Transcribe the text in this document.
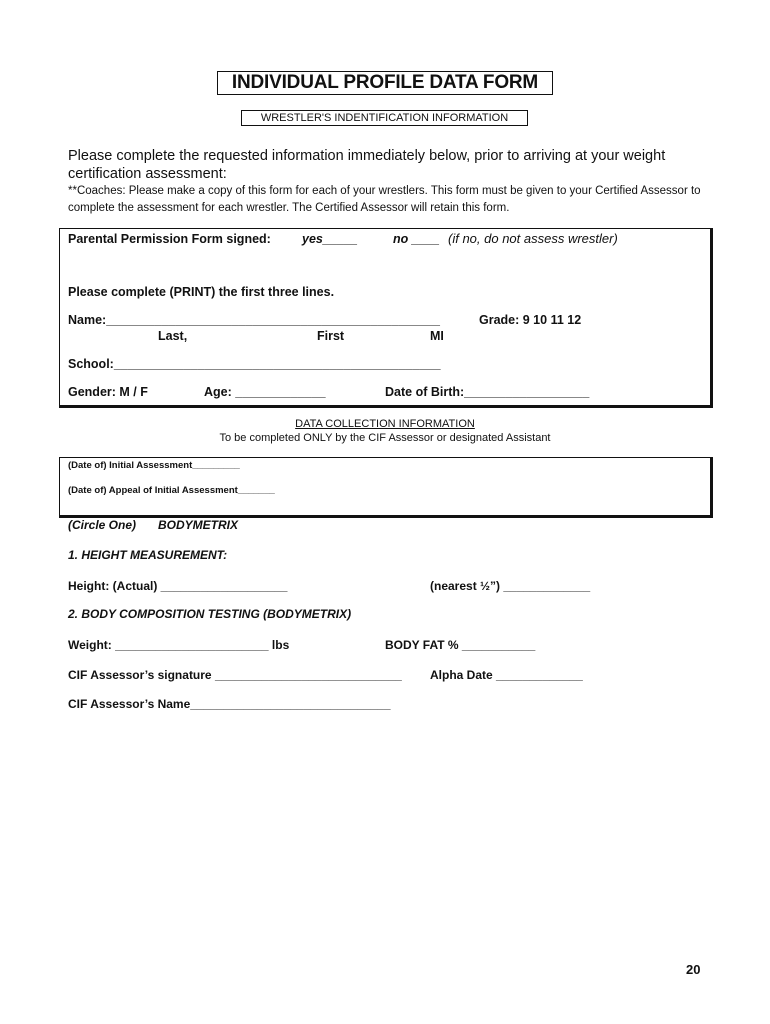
INDIVIDUAL PROFILE DATA FORM
WRESTLER'S INDENTIFICATION INFORMATION
Please complete the requested information immediately below, prior to arriving at your weight certification assessment:
**Coaches: Please make a copy of this form for each of your wrestlers. This form must be given to your Certified Assessor to complete the assessment for each wrestler. The Certified Assessor will retain this form.
Parental Permission Form signed: yes_____	no ____ (if no, do not assess wrestler)
Please complete (PRINT) the first three lines.
Name:________________________________________________	Grade: 9 10 11 12
Last,	First	MI
School:_______________________________________________
Gender: M / F	Age: _____________	Date of Birth:__________________
DATA COLLECTION INFORMATION
To be completed ONLY by the CIF Assessor or designated Assistant
(Date of) Initial Assessment_________
(Date of) Appeal of Initial Assessment_______
(Circle One) BODYMETRIX
1. HEIGHT MEASUREMENT:
Height: (Actual) ___________________	(nearest ½”) _____________
2. BODY COMPOSITION TESTING (BODYMETRIX)
Weight: _______________________ lbs	BODY FAT % ___________
CIF Assessor’s signature ____________________________ Alpha Date _____________
CIF Assessor’s Name______________________________
20
